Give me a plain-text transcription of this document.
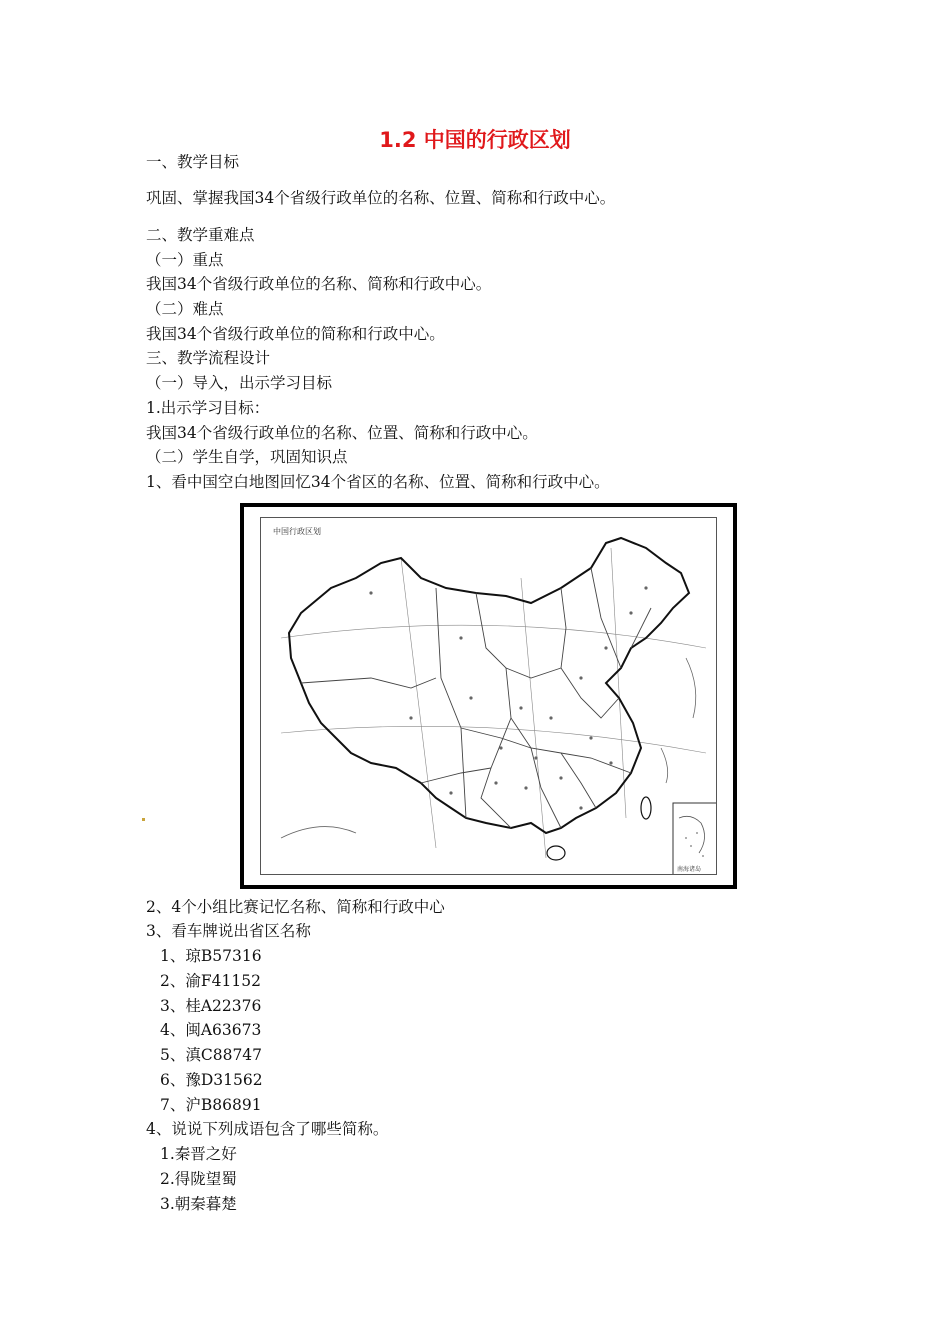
1.2 中国的行政区划
一、教学目标
巩固、掌握我国34个省级行政单位的名称、位置、简称和行政中心。
二、教学重难点
（一）重点
我国34个省级行政单位的名称、简称和行政中心。
（二）难点
我国34个省级行政单位的简称和行政中心。
三、教学流程设计
（一）导入，出示学习目标
1.出示学习目标：
我国34个省级行政单位的名称、位置、简称和行政中心。
（二）学生自学，巩固知识点
1、看中国空白地图回忆34个省区的名称、位置、简称和行政中心。
中国行政区划
南海诸岛
2、4个小组比赛记忆名称、简称和行政中心
3、看车牌说出省区名称
1、琼B57316
2、渝F41152
3、桂A22376
4、闽A63673
5、滇C88747
6、豫D31562
7、沪B86891
4、说说下列成语包含了哪些简称。
1.秦晋之好
2.得陇望蜀
3.朝秦暮楚
